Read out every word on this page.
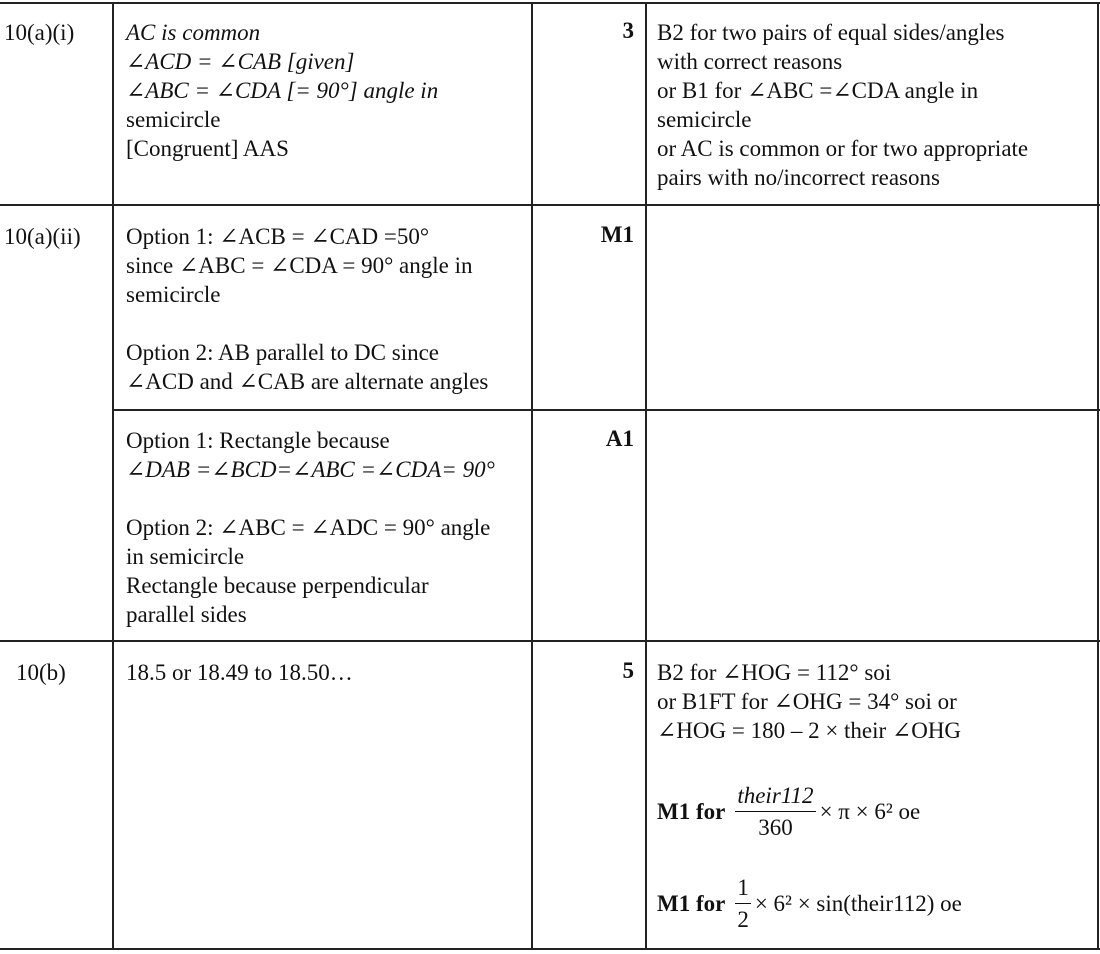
10(a)(i) AC is common
∠ACD = ∠CAB [given]
∠ABC = ∠CDA [= 90°] angle in
semicircle
[Congruent] AAS
3 B2 for two pairs of equal sides/angles
with correct reasons
or B1 for ∠ABC =∠CDA angle in
semicircle
or AC is common or for two appropriate
pairs with no/incorrect reasons
10(a)(ii) Option 1: ∠ACB = ∠CAD =50°
since ∠ABC = ∠CDA = 90° angle in
semicircle
Option 2: AB parallel to DC since
∠ACD and ∠CAB are alternate angles
M1
Option 1: Rectangle because
∠DAB =∠BCD=∠ABC =∠CDA= 90°
Option 2: ∠ABC = ∠ADC = 90° angle
in semicircle
Rectangle because perpendicular
parallel sides
A1
10(b)	18.5 or 18.49 to 18.50…	5 B2 for ∠HOG = 112° soi
or B1FT for ∠OHG = 34° soi or
∠HOG = 180 – 2 × their ∠OHG
M1 for $\frac{\text{their112}}{360} \times \pi \times 6^2$ oe
M1 for $\frac{1}{2} \times 6^2$ × sin(their112) oe
